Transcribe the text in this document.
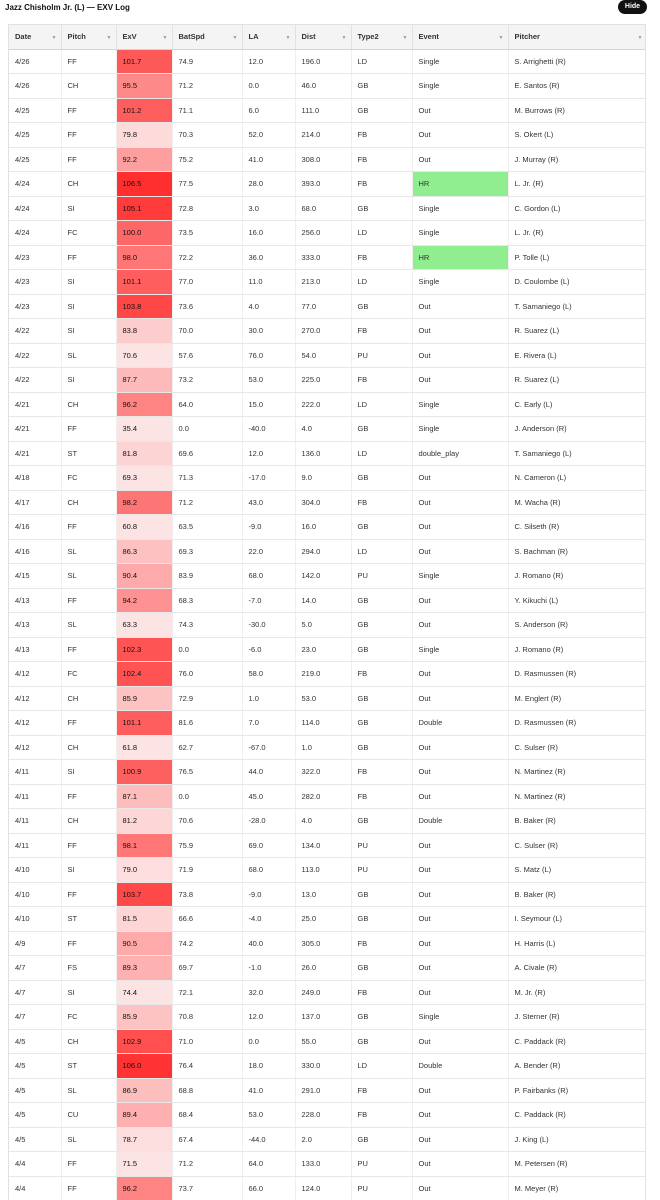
Jazz Chisholm Jr. (L) — EXV Log	Hide
Date ▼	Pitch ▼	ExV ▼	BatSpd ▼	LA ▼	Dist ▼	Type2 ▼	Event ▼	Pitcher ▼

4/26	FF	101.7	74.9	12.0	196.0	LD	Single	S. Arrighetti (R)
4/26	CH	95.5	71.2	0.0	46.0	GB	Single	E. Santos (R)
4/25	FF	101.2	71.1	6.0	111.0	GB	Out	M. Burrows (R)
4/25	FF	79.8	70.3	52.0	214.0	FB	Out	S. Okert (L)
4/25	FF	92.2	75.2	41.0	308.0	FB	Out	J. Murray (R)
4/24	CH	106.5	77.5	28.0	393.0	FB	HR	L. Jr. (R)
4/24	SI	105.1	72.8	3.0	68.0	GB	Single	C. Gordon (L)
4/24	FC	100.0	73.5	16.0	256.0	LD	Single	L. Jr. (R)
4/23	FF	98.0	72.2	36.0	333.0	FB	HR	P. Tolle (L)
4/23	SI	101.1	77.0	11.0	213.0	LD	Single	D. Coulombe (L)
4/23	SI	103.8	73.6	4.0	77.0	GB	Out	T. Samaniego (L)
4/22	SI	83.8	70.0	30.0	270.0	FB	Out	R. Suarez (L)
4/22	SL	70.6	57.6	76.0	54.0	PU	Out	E. Rivera (L)
4/22	SI	87.7	73.2	53.0	225.0	FB	Out	R. Suarez (L)
4/21	CH	96.2	64.0	15.0	222.0	LD	Single	C. Early (L)
4/21	FF	35.4	0.0	-40.0	4.0	GB	Single	J. Anderson (R)
4/21	ST	81.8	69.6	12.0	136.0	LD	double_play	T. Samaniego (L)
4/18	FC	69.3	71.3	-17.0	9.0	GB	Out	N. Cameron (L)
4/17	CH	98.2	71.2	43.0	304.0	FB	Out	M. Wacha (R)
4/16	FF	60.8	63.5	-9.0	16.0	GB	Out	C. Silseth (R)
4/16	SL	86.3	69.3	22.0	294.0	LD	Out	S. Bachman (R)
4/15	SL	90.4	83.9	68.0	142.0	PU	Single	J. Romano (R)
4/13	FF	94.2	68.3	-7.0	14.0	GB	Out	Y. Kikuchi (L)
4/13	SL	63.3	74.3	-30.0	5.0	GB	Out	S. Anderson (R)
4/13	FF	102.3	0.0	-6.0	23.0	GB	Single	J. Romano (R)
4/12	FC	102.4	76.0	58.0	219.0	FB	Out	D. Rasmussen (R)
4/12	CH	85.9	72.9	1.0	53.0	GB	Out	M. Englert (R)
4/12	FF	101.1	81.6	7.0	114.0	GB	Double	D. Rasmussen (R)
4/12	CH	61.8	62.7	-67.0	1.0	GB	Out	C. Sulser (R)
4/11	SI	100.9	76.5	44.0	322.0	FB	Out	N. Martinez (R)
4/11	FF	87.1	0.0	45.0	282.0	FB	Out	N. Martinez (R)
4/11	CH	81.2	70.6	-28.0	4.0	GB	Double	B. Baker (R)
4/11	FF	98.1	75.9	69.0	134.0	PU	Out	C. Sulser (R)
4/10	SI	79.0	71.9	68.0	113.0	PU	Out	S. Matz (L)
4/10	FF	103.7	73.8	-9.0	13.0	GB	Out	B. Baker (R)
4/10	ST	81.5	66.6	-4.0	25.0	GB	Out	I. Seymour (L)
4/9	FF	90.5	74.2	40.0	305.0	FB	Out	H. Harris (L)
4/7	FS	89.3	69.7	-1.0	26.0	GB	Out	A. Civale (R)
4/7	SI	74.4	72.1	32.0	249.0	FB	Out	M. Jr. (R)
4/7	FC	85.9	70.8	12.0	137.0	GB	Single	J. Sterner (R)
4/5	CH	102.9	71.0	0.0	55.0	GB	Out	C. Paddack (R)
4/5	ST	106.0	76.4	18.0	330.0	LD	Double	A. Bender (R)
4/5	SL	86.9	68.8	41.0	291.0	FB	Out	P. Fairbanks (R)
4/5	CU	89.4	68.4	53.0	228.0	FB	Out	C. Paddack (R)
4/5	SL	78.7	67.4	-44.0	2.0	GB	Out	J. King (L)
4/4	FF	71.5	71.2	64.0	133.0	PU	Out	M. Petersen (R)
4/4	FF	96.2	73.7	66.0	124.0	PU	Out	M. Meyer (R)
